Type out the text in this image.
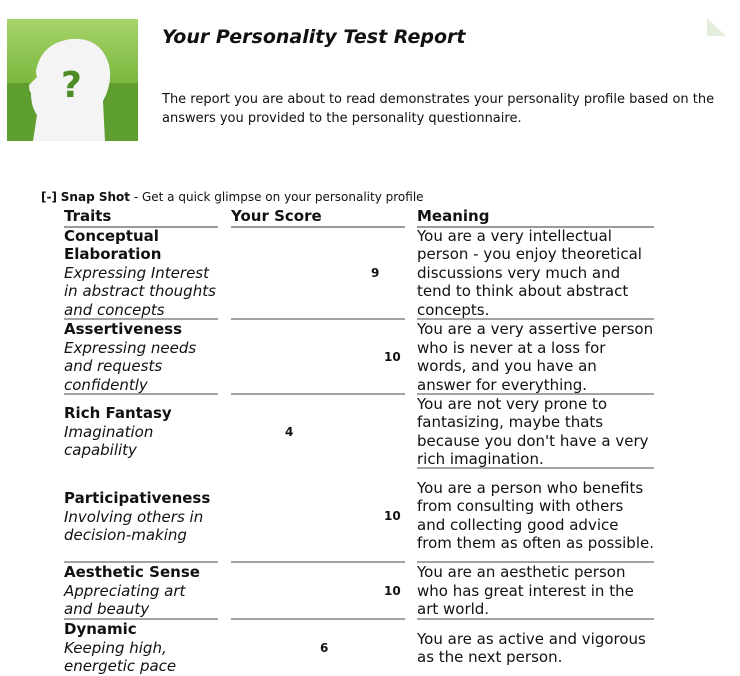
?
Your Personality Test Report

The report you are about to read demonstrates your personality profile based on the answers you provided to the personality questionnaire.

[-] Snap Shot - Get a quick glimpse on your personality profile
Traits	Your Score	Meaning
Conceptual Elaboration
Expressing Interest in abstract thoughts and concepts
9
You are a very intellectual person - you enjoy theoretical discussions very much and tend to think about abstract concepts.
Assertiveness
Expressing needs and requests confidently
10
You are a very assertive person who is never at a loss for words, and you have an answer for everything.
Rich Fantasy
Imagination capability
4
You are not very prone to fantasizing, maybe thats because you don't have a very rich imagination.
Participativeness
Involving others in decision-making
10
You are a person who benefits from consulting with others and collecting good advice from them as often as possible.
Aesthetic Sense
Appreciating art and beauty
10
You are an aesthetic person who has great interest in the art world.
Dynamic
Keeping high, energetic pace
6
You are as active and vigorous as the next person.
